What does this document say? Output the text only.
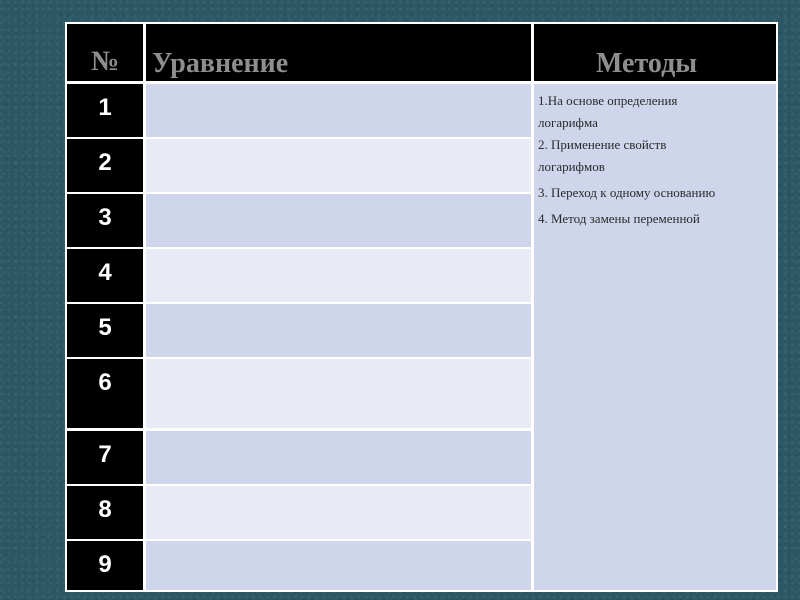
№ Уравнение	Методы
1
2
3
4
5
6
7
8
9
1.На основе определения
логарифма
2. Применение свойств
логарифмов
3. Переход к одному основанию
4. Метод замены переменной
